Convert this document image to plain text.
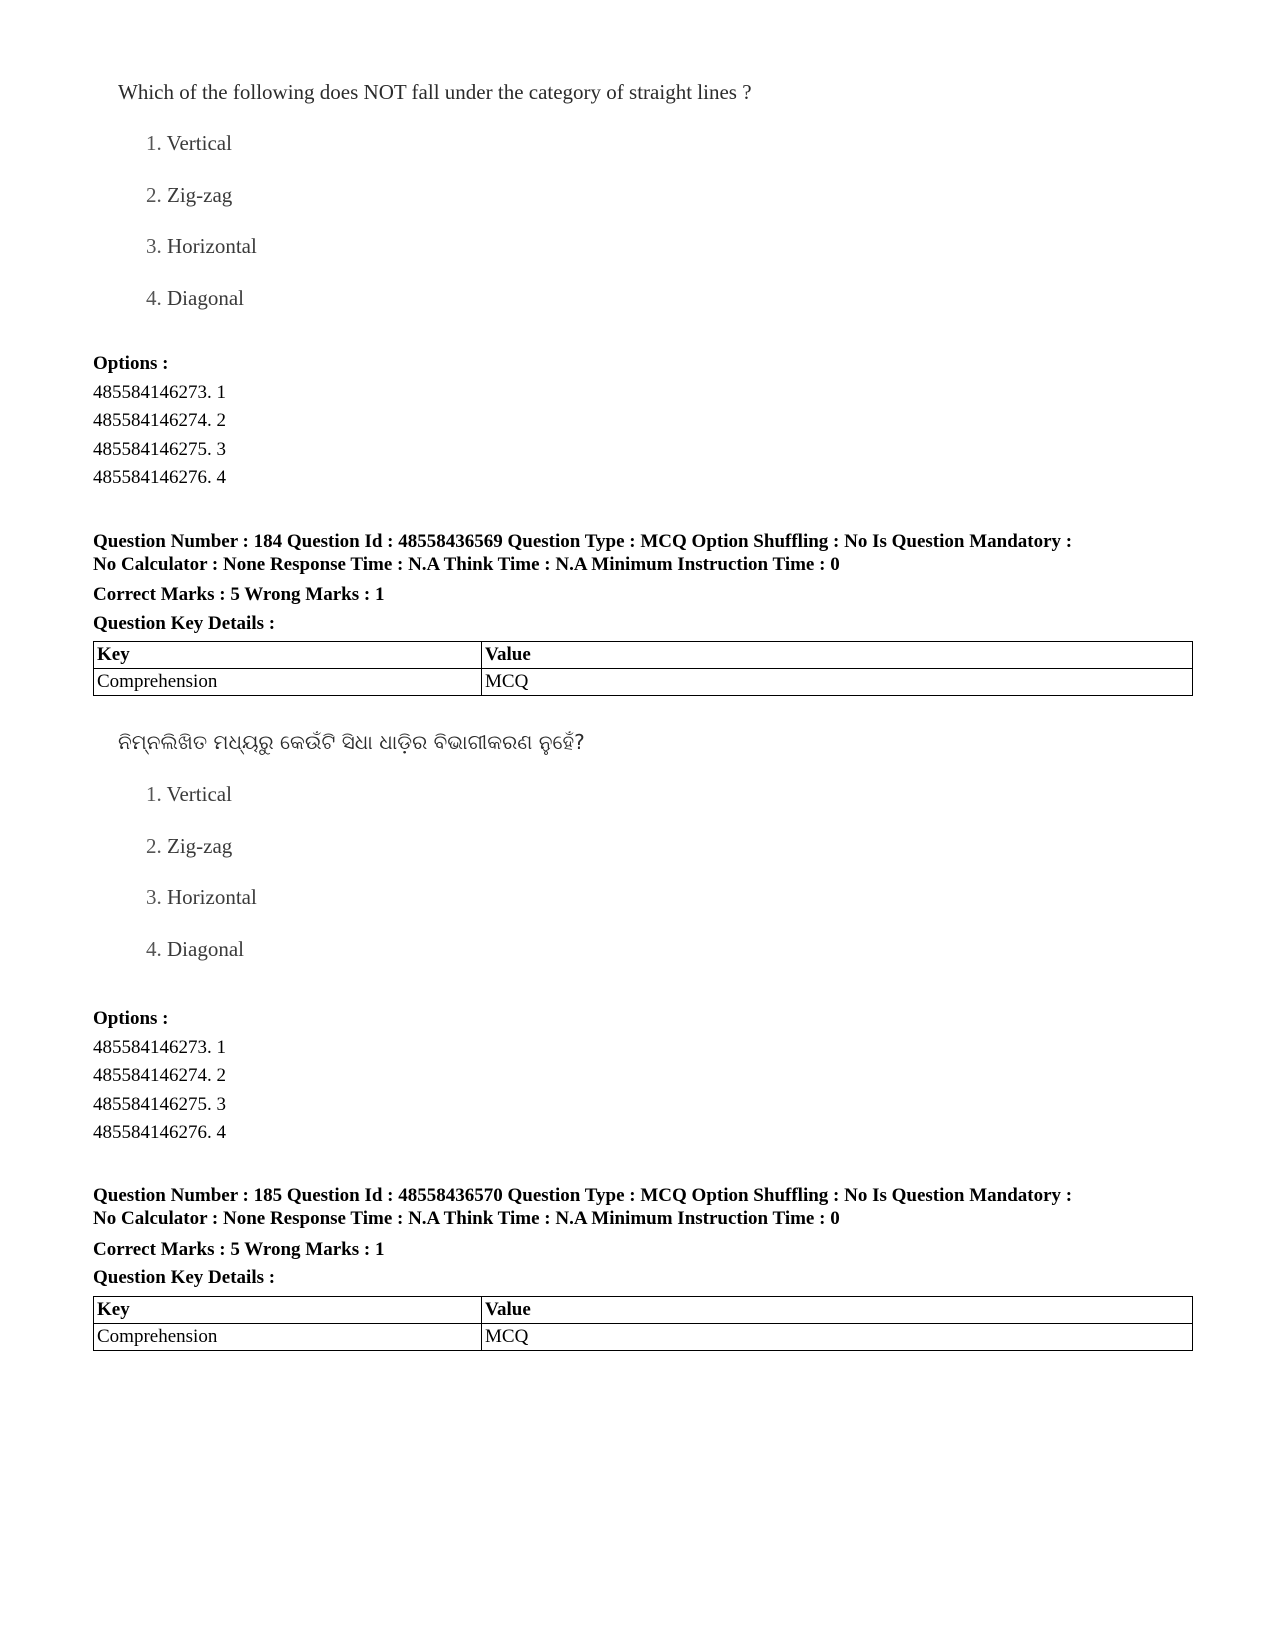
Which of the following does NOT fall under the category of straight lines ?
1. Vertical
2. Zig-zag
3. Horizontal
4. Diagonal
Options :
485584146273. 1
485584146274. 2
485584146275. 3
485584146276. 4
Question Number : 184 Question Id : 48558436569 Question Type : MCQ Option Shuffling : No Is Question Mandatory :
No Calculator : None Response Time : N.A Think Time : N.A Minimum Instruction Time : 0
Correct Marks : 5 Wrong Marks : 1
Question Key Details :
Key	Value
Comprehension	MCQ
ନିମ୍ନଲିଖିତ ମଧ୍ୟରୁ କେଉଁଟି ସିଧା ଧାଡ଼ିର ବିଭାଗୀକରଣ ନୁହେଁ?
1. Vertical
2. Zig-zag
3. Horizontal
4. Diagonal
Options :
485584146273. 1
485584146274. 2
485584146275. 3
485584146276. 4
Question Number : 185 Question Id : 48558436570 Question Type : MCQ Option Shuffling : No Is Question Mandatory :
No Calculator : None Response Time : N.A Think Time : N.A Minimum Instruction Time : 0
Correct Marks : 5 Wrong Marks : 1
Question Key Details :
Key	Value
Comprehension	MCQ
